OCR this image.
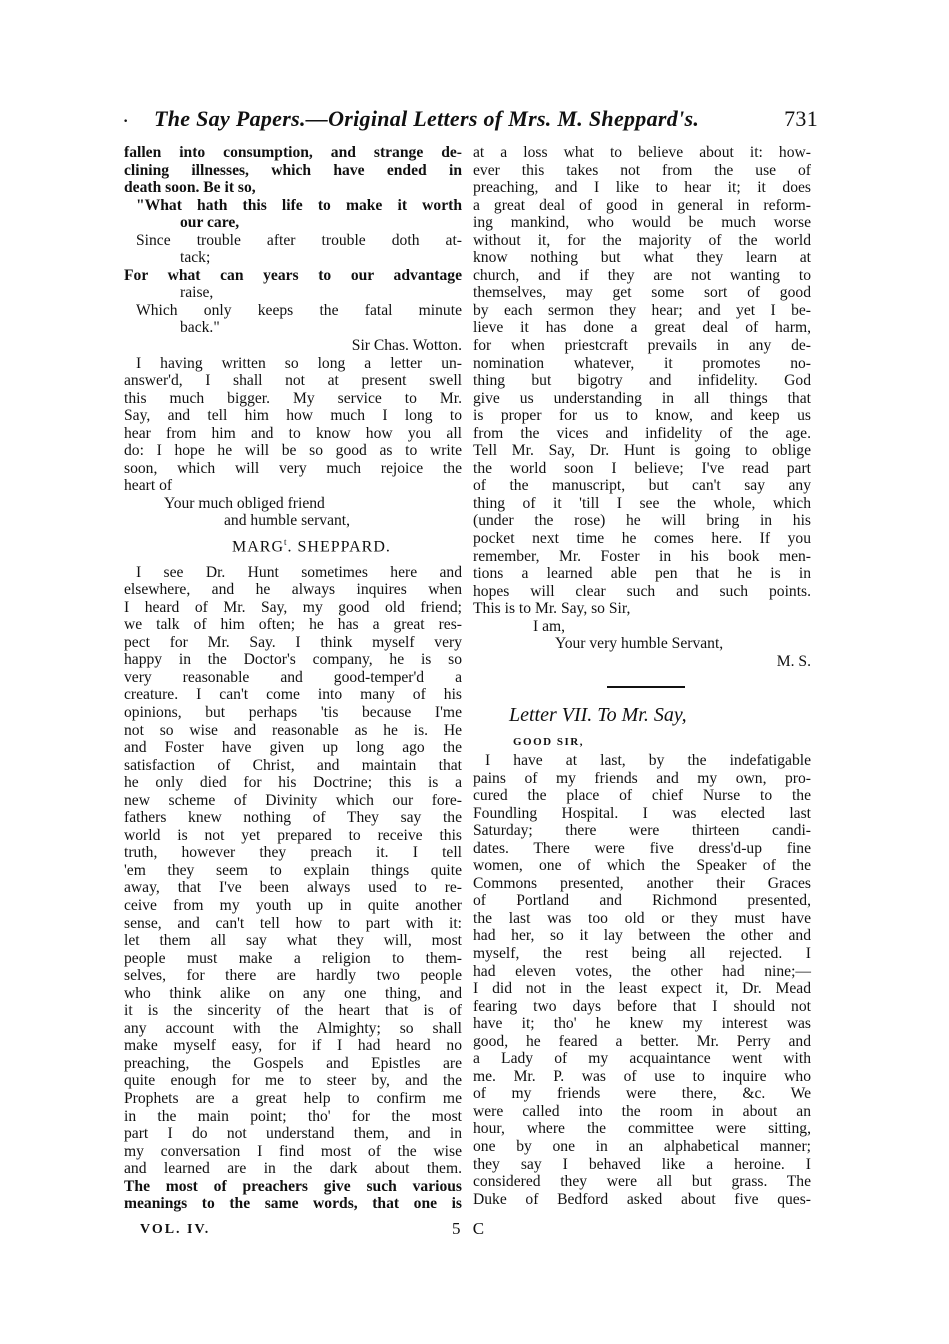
· The Say Papers.—Original Letters of Mrs. M. Sheppard's.	731
fallen into consumption, and strange de-
clining illnesses, which have ended in
death soon. Be it so,
"What hath this life to make it worth
our care,
Since trouble after trouble doth at-
tack;
For what can years to our advantage
raise,
Which only keeps the fatal minute
back."
Sir Chas. Wotton.
I having written so long a letter un-
answer'd, I shall not at present swell
this much bigger. My service to Mr.
Say, and tell him how much I long to
hear from him and to know how you all
do: I hope he will be so good as to write
soon, which will very much rejoice the
heart of
Your much obliged friend
and humble servant,
MARG$^t$. SHEPPARD.
I see Dr. Hunt sometimes here and
elsewhere, and he always inquires when
I heard of Mr. Say, my good old friend;
we talk of him often; he has a great res-
pect for Mr. Say. I think myself very
happy in the Doctor's company, he is so
very reasonable and good-temper'd a
creature. I can't come into many of his
opinions, but perhaps 'tis because I'me
not so wise and reasonable as he is. He
and Foster have given up long ago the
satisfaction of Christ, and maintain that
he only died for his Doctrine; this is a
new scheme of Divinity which our fore-
fathers knew nothing of They say the
world is not yet prepared to receive this
truth, however they preach it. I tell
'em they seem to explain things quite
away, that I've been always used to re-
ceive from my youth up in quite another
sense, and can't tell how to part with it:
let them all say what they will, most
people must make a religion to them-
selves, for there are hardly two people
who think alike on any one thing, and
it is the sincerity of the heart that is of
any account with the Almighty; so shall
make myself easy, for if I had heard no
preaching, the Gospels and Epistles are
quite enough for me to steer by, and the
Prophets are a great help to confirm me
in the main point; tho' for the most
part I do not understand them, and in
my conversation I find most of the wise
and learned are in the dark about them.
The most of preachers give such various
meanings to the same words, that one is
at a loss what to believe about it: how-
ever this takes not from the use of
preaching, and I like to hear it; it does
a great deal of good in general in reform-
ing mankind, who would be much worse
without it, for the majority of the world
know nothing but what they learn at
church, and if they are not wanting to
themselves, may get some sort of good
by each sermon they hear; and yet I be-
lieve it has done a great deal of harm,
for when priestcraft prevails in any de-
nomination whatever, it promotes no-
thing but bigotry and infidelity. God
give us understanding in all things that
is proper for us to know, and keep us
from the vices and infidelity of the age.
Tell Mr. Say, Dr. Hunt is going to oblige
the world soon I believe; I've read part
of the manuscript, but can't say any
thing of it 'till I see the whole, which
(under the rose) he will bring in his
pocket next time he comes here. If you
remember, Mr. Foster in his book men-
tions a learned able pen that he is in
hopes will clear such and such points.
This is to Mr. Say, so Sir,
I am,
Your very humble Servant,
M. S.
Letter VII. To Mr. Say,
GOOD SIR,
I have at last, by the indefatigable
pains of my friends and my own, pro-
cured the place of chief Nurse to the
Foundling Hospital. I was elected last
Saturday; there were thirteen candi-
dates. There were five dress'd-up fine
women, one of which the Speaker of the
Commons presented, another their Graces
of Portland and Richmond presented,
the last was too old or they must have
had her, so it lay between the other and
myself, the rest being all rejected. I
had eleven votes, the other had nine;—
I did not in the least expect it, Dr. Mead
fearing two days before that I should not
have it; tho' he knew my interest was
good, he feared a better. Mr. Perry and
a Lady of my acquaintance went with
me. Mr. P. was of use to inquire who
of my friends were there, &c. We
were called into the room in about an
hour, where the committee were sitting,
one by one in an alphabetical manner;
they say I behaved like a heroine. I
considered they were all but grass. The
Duke of Bedford asked about five ques-
VOL. IV.	5 C
